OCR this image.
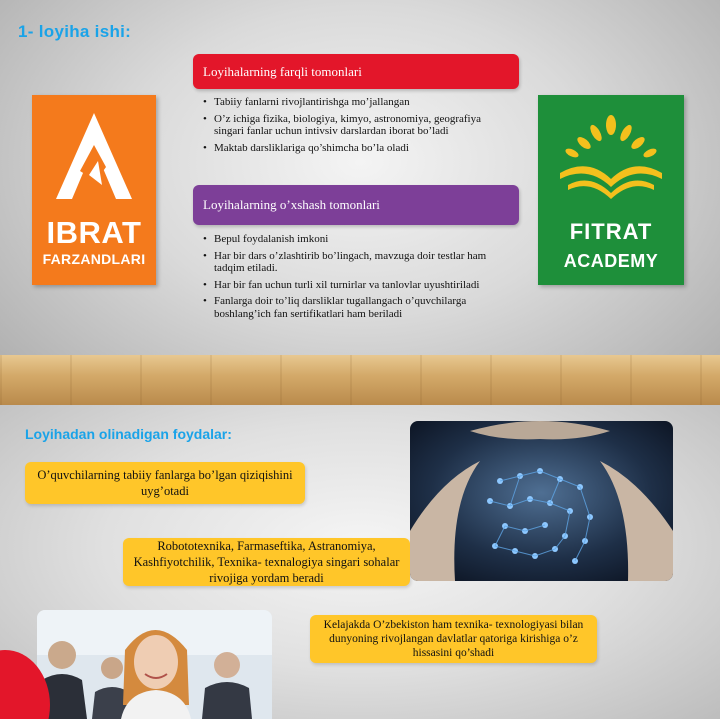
1- loyiha ishi:
IBRAT
FARZANDLARI
FITRAT
ACADEMY
Loyihalarning farqli tomonlari
• Tabiiy fanlarni rivojlantirishga mo’jallangan
• O’z ichiga fizika, biologiya, kimyo, astronomiya, geografiya singari fanlar uchun intivsiv darslardan iborat bo’ladi
• Maktab darsliklariga qo’shimcha bo’la oladi
Loyihalarning o’xshash tomonlari
• Bepul foydalanish imkoni
• Har bir dars o’zlashtirib bo’lingach, mavzuga doir testlar ham tadqim etiladi.
• Har bir fan uchun turli xil turnirlar va tanlovlar uyushtiriladi
• Fanlarga doir to’liq darsliklar tugallangach o’quvchilarga boshlang’ich fan sertifikatlari ham beriladi
Loyihadan olinadigan foydalar:
O’quvchilarning tabiiy fanlarga bo’lgan qiziqishini uyg’otadi
Robototexnika, Farmaseftika, Astranomiya, Kashfiyotchilik, Texnika- texnalogiya singari sohalar rivojiga yordam beradi
Kelajakda O’zbekiston ham texnika- texnologiyasi bilan dunyoning rivojlangan davlatlar qatoriga kirishiga o’z hissasini qo’shadi
